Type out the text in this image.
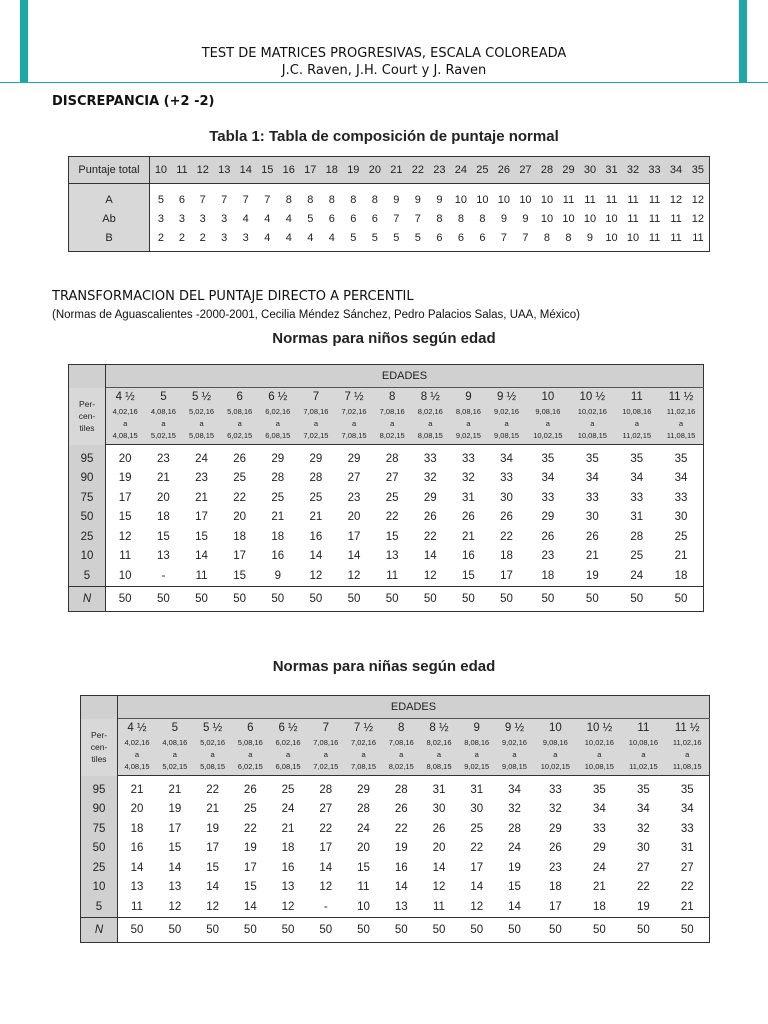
TEST DE MATRICES PROGRESIVAS, ESCALA COLOREADA
J.C. Raven, J.H. Court y J. Raven
DISCREPANCIA (+2 -2)
Tabla 1: Tabla de composición de puntaje normal
Puntaje total	10	11	12	13	14	15	16	17	18	19	20	21	22	23	24	25	26	27	28	29	30	31	32	33	34	35
A	5	6	7	7	7	7	8	8	8	8	8	9	9	9	10	10	10	10	10	11	11	11	11	11	12	12
Ab	3	3	3	3	4	4	4	5	6	6	6	7	7	8	8	8	9	9	10	10	10	10	11	11	11	12
B	2	2	2	3	3	4	4	4	4	5	5	5	5	6	6	6	7	7	8	8	9	10	10	11	11	11
TRANSFORMACION DEL PUNTAJE DIRECTO A PERCENTIL
(Normas de Aguascalientes -2000-2001, Cecilia Méndez Sánchez, Pedro Palacios Salas, UAA, México)
Normas para niños según edad
	EDADES														

Per-
cen-
tiles	4 ½	5	5 ½	6	6 ½	7	7 ½	8	8 ½	9	9 ½	10	10 ½	11	11 ½
	4,02,16	4,08,16	5,02,16	5,08,16	6,02,16	7,08,16	7,02,16	7,08,16	8,02,16	8,08,16	9,02,16	9,08,16	10,02,16	10,08,16	11,02,16
	a	a	a	a	a	a	a	a	a	a	a	a	a	a	a
	4,08,15	5,02,15	5,08,15	6,02,15	6,08,15	7,02,15	7,08,15	8,02,15	8,08,15	9,02,15	9,08,15	10,02,15	10,08,15	11,02,15	11,08,15
95	20	23	24	26	29	29	29	28	33	33	34	35	35	35	35
90	19	21	23	25	28	28	27	27	32	32	33	34	34	34	34
75	17	20	21	22	25	25	23	25	29	31	30	33	33	33	33
50	15	18	17	20	21	21	20	22	26	26	26	29	30	31	30
25	12	15	15	18	18	16	17	15	22	21	22	26	26	28	25
10	11	13	14	17	16	14	14	13	14	16	18	23	21	25	21
5	10	-	11	15	9	12	12	11	12	15	17	18	19	24	18
N	50	50	50	50	50	50	50	50	50	50	50	50	50	50	50
Normas para niñas según edad
	EDADES														

Per-
cen-
tiles	4 ½	5	5 ½	6	6 ½	7	7 ½	8	8 ½	9	9 ½	10	10 ½	11	11 ½
	4,02,16	4,08,16	5,02,16	5,08,16	6,02,16	7,08,16	7,02,16	7,08,16	8,02,16	8,08,16	9,02,16	9,08,16	10,02,16	10,08,16	11,02,16
	a	a	a	a	a	a	a	a	a	a	a	a	a	a	a
	4,08,15	5,02,15	5,08,15	6,02,15	6,08,15	7,02,15	7,08,15	8,02,15	8,08,15	9,02,15	9,08,15	10,02,15	10,08,15	11,02,15	11,08,15
95	21	21	22	26	25	28	29	28	31	31	34	33	35	35	35
90	20	19	21	25	24	27	28	26	30	30	32	32	34	34	34
75	18	17	19	22	21	22	24	22	26	25	28	29	33	32	33
50	16	15	17	19	18	17	20	19	20	22	24	26	29	30	31
25	14	14	15	17	16	14	15	16	14	17	19	23	24	27	27
10	13	13	14	15	13	12	11	14	12	14	15	18	21	22	22
5	11	12	12	14	12	-	10	13	11	12	14	17	18	19	21
N	50	50	50	50	50	50	50	50	50	50	50	50	50	50	50
